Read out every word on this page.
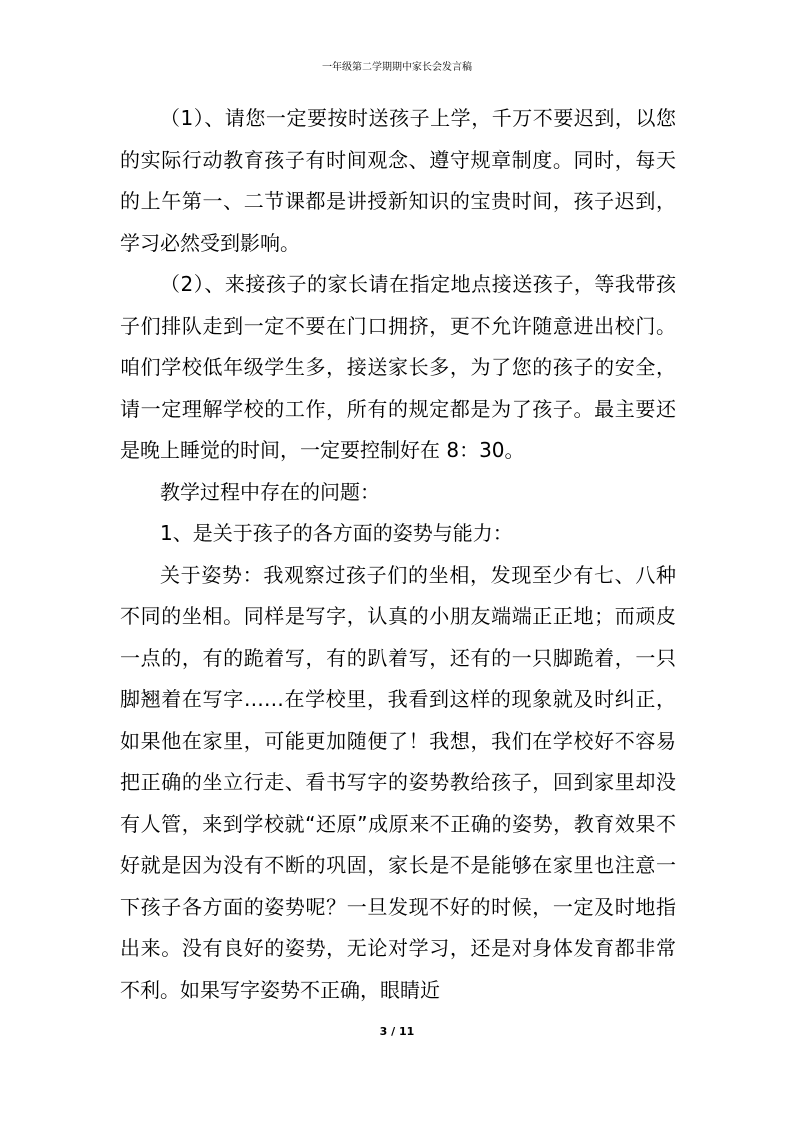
一年级第二学期期中家长会发言稿

（1）、请您一定要按时送孩子上学，千万不要迟到，以您的实际行动教育孩子有时间观念、遵守规章制度。同时，每天的上午第一、二节课都是讲授新知识的宝贵时间，孩子迟到，学习必然受到影响。

（2）、来接孩子的家长请在指定地点接送孩子，等我带孩子们排队走到一定不要在门口拥挤，更不允许随意进出校门。咱们学校低年级学生多，接送家长多，为了您的孩子的安全，请一定理解学校的工作，所有的规定都是为了孩子。最主要还是晚上睡觉的时间，一定要控制好在 8：30。

教学过程中存在的问题：

1、是关于孩子的各方面的姿势与能力：

关于姿势：我观察过孩子们的坐相，发现至少有七、八种不同的坐相。同样是写字，认真的小朋友端端正正地；而顽皮一点的，有的跪着写，有的趴着写，还有的一只脚跪着，一只脚翘着在写字……在学校里，我看到这样的现象就及时纠正，如果他在家里，可能更加随便了！我想，我们在学校好不容易把正确的坐立行走、看书写字的姿势教给孩子，回到家里却没有人管，来到学校就“还原”成原来不正确的姿势，教育效果不好就是因为没有不断的巩固，家长是不是能够在家里也注意一下孩子各方面的姿势呢？一旦发现不好的时候，一定及时地指出来。没有良好的姿势，无论对学习，还是对身体发育都非常不利。如果写字姿势不正确，眼睛近

3 / 11
